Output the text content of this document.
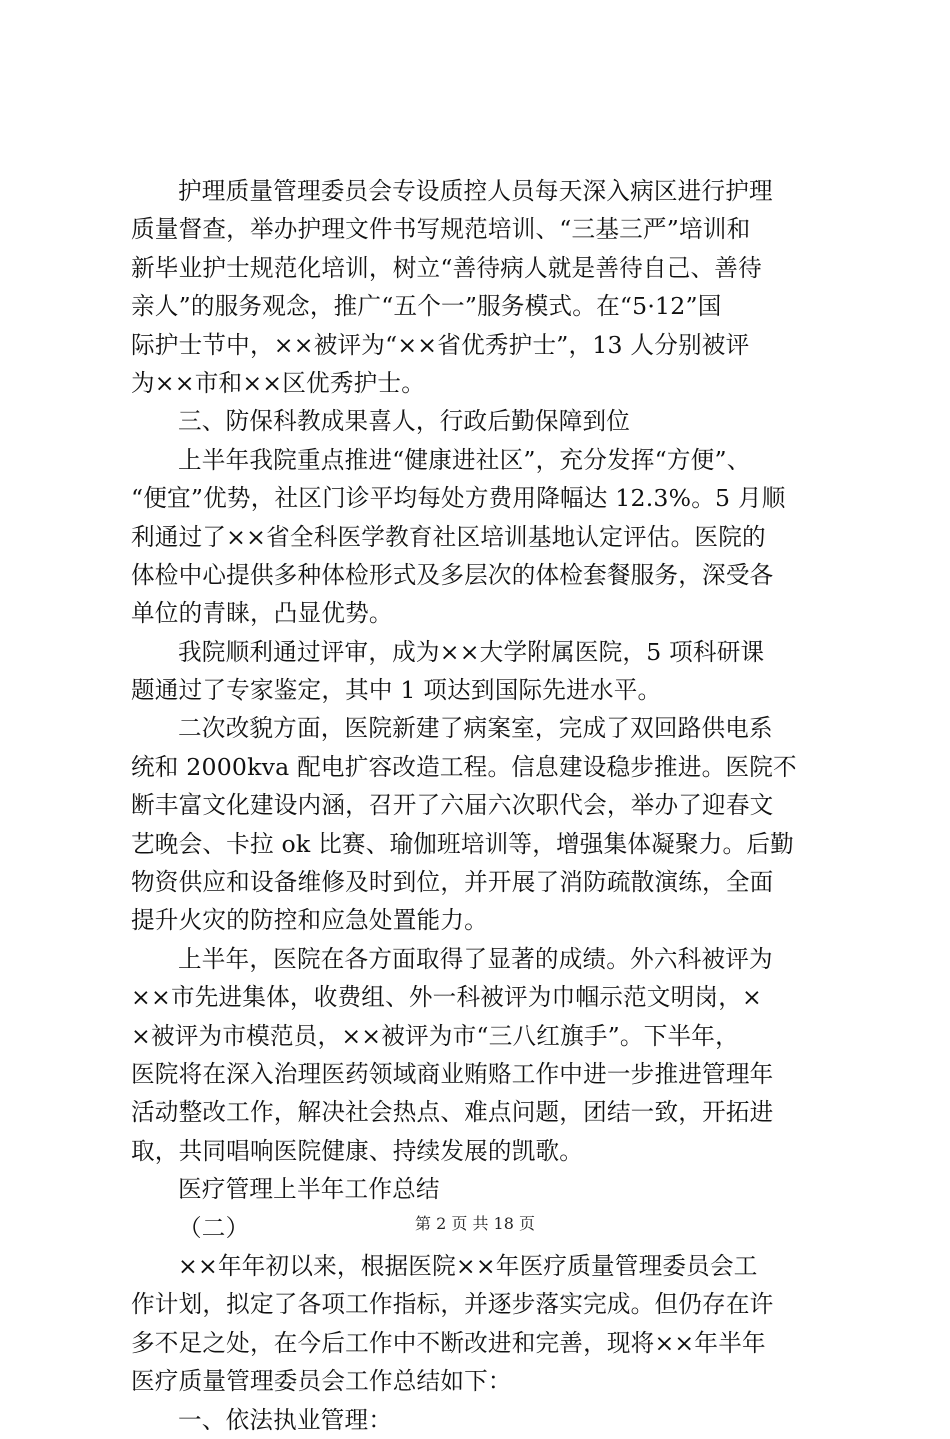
护理质量管理委员会专设质控人员每天深入病区进行护理
质量督查，举办护理文件书写规范培训、“三基三严”培训和
新毕业护士规范化培训，树立“善待病人就是善待自己、善待
亲人”的服务观念，推广“五个一”服务模式。在“5·12”国
际护士节中，××被评为“××省优秀护士”，13 人分别被评
为××市和××区优秀护士。
三、防保科教成果喜人，行政后勤保障到位
上半年我院重点推进“健康进社区”，充分发挥“方便”、
“便宜”优势，社区门诊平均每处方费用降幅达 12.3%。5 月顺
利通过了××省全科医学教育社区培训基地认定评估。医院的
体检中心提供多种体检形式及多层次的体检套餐服务，深受各
单位的青睐，凸显优势。
我院顺利通过评审，成为××大学附属医院，5 项科研课
题通过了专家鉴定，其中 1 项达到国际先进水平。
二次改貌方面，医院新建了病案室，完成了双回路供电系
统和 2000kva 配电扩容改造工程。信息建设稳步推进。医院不
断丰富文化建设内涵，召开了六届六次职代会，举办了迎春文
艺晚会、卡拉 ok 比赛、瑜伽班培训等，增强集体凝聚力。后勤
物资供应和设备维修及时到位，并开展了消防疏散演练，全面
提升火灾的防控和应急处置能力。
上半年，医院在各方面取得了显著的成绩。外六科被评为
××市先进集体，收费组、外一科被评为巾帼示范文明岗，×
×被评为市模范员，××被评为市“三八红旗手”。下半年，
医院将在深入治理医药领域商业贿赂工作中进一步推进管理年
活动整改工作，解决社会热点、难点问题，团结一致，开拓进
取，共同唱响医院健康、持续发展的凯歌。
医疗管理上半年工作总结
（二）
××年年初以来，根据医院××年医疗质量管理委员会工
作计划，拟定了各项工作指标，并逐步落实完成。但仍存在许
多不足之处，在今后工作中不断改进和完善，现将××年半年
医疗质量管理委员会工作总结如下：
一、依法执业管理：
第 2 页 共 18 页
